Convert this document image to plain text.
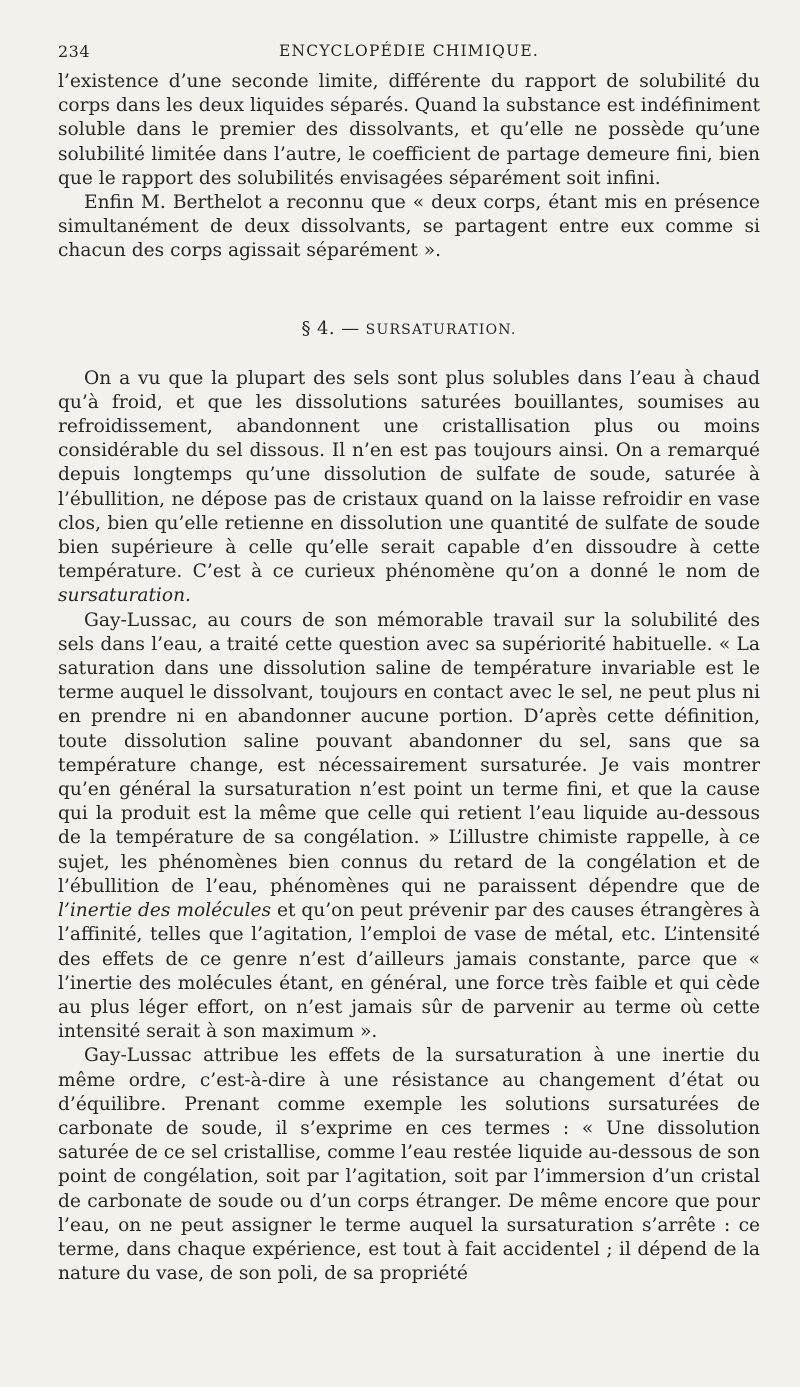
234	ENCYCLOPÉDIE CHIMIQUE.

l’existence d’une seconde limite, différente du rapport de solubilité du corps dans les deux liquides séparés. Quand la substance est indéfiniment soluble dans le premier des dissolvants, et qu’elle ne possède qu’une solubilité limitée dans l’autre, le coefficient de partage demeure fini, bien que le rapport des solubilités envisagées séparément soit infini.

Enfin M. Berthelot a reconnu que « deux corps, étant mis en présence simultanément de deux dissolvants, se partagent entre eux comme si chacun des corps agissait séparément ».

§ 4. — SURSATURATION.

On a vu que la plupart des sels sont plus solubles dans l’eau à chaud qu’à froid, et que les dissolutions saturées bouillantes, soumises au refroidissement, abandonnent une cristallisation plus ou moins considérable du sel dissous. Il n’en est pas toujours ainsi. On a remarqué depuis longtemps qu’une dissolution de sulfate de soude, saturée à l’ébullition, ne dépose pas de cristaux quand on la laisse refroidir en vase clos, bien qu’elle retienne en dissolution une quantité de sulfate de soude bien supérieure à celle qu’elle serait capable d’en dissoudre à cette température. C’est à ce curieux phénomène qu’on a donné le nom de sursaturation.

Gay-Lussac, au cours de son mémorable travail sur la solubilité des sels dans l’eau, a traité cette question avec sa supériorité habituelle. « La saturation dans une dissolution saline de température invariable est le terme auquel le dissolvant, toujours en contact avec le sel, ne peut plus ni en prendre ni en abandonner aucune portion. D’après cette définition, toute dissolution saline pouvant abandonner du sel, sans que sa température change, est nécessairement sursaturée. Je vais montrer qu’en général la sursaturation n’est point un terme fini, et que la cause qui la produit est la même que celle qui retient l’eau liquide au-dessous de la température de sa congélation. » L’illustre chimiste rappelle, à ce sujet, les phénomènes bien connus du retard de la congélation et de l’ébullition de l’eau, phénomènes qui ne paraissent dépendre que de l’inertie des molécules et qu’on peut prévenir par des causes étrangères à l’affinité, telles que l’agitation, l’emploi de vase de métal, etc. L’intensité des effets de ce genre n’est d’ailleurs jamais constante, parce que « l’inertie des molécules étant, en général, une force très faible et qui cède au plus léger effort, on n’est jamais sûr de parvenir au terme où cette intensité serait à son maximum ».

Gay-Lussac attribue les effets de la sursaturation à une inertie du même ordre, c’est-à-dire à une résistance au changement d’état ou d’équilibre. Prenant comme exemple les solutions sursaturées de carbonate de soude, il s’exprime en ces termes : « Une dissolution saturée de ce sel cristallise, comme l’eau restée liquide au-dessous de son point de congélation, soit par l’agitation, soit par l’immersion d’un cristal de carbonate de soude ou d’un corps étranger. De même encore que pour l’eau, on ne peut assigner le terme auquel la sursaturation s’arrête : ce terme, dans chaque expérience, est tout à fait accidentel ; il dépend de la nature du vase, de son poli, de sa propriété
